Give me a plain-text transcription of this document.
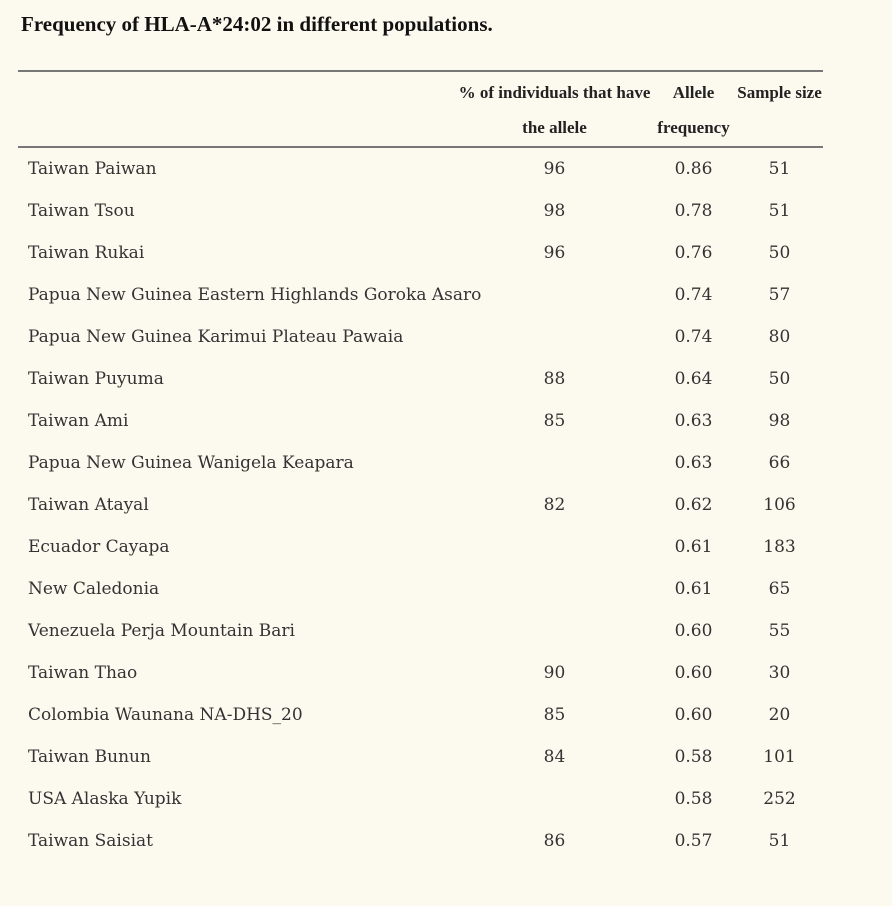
Frequency of HLA-A*24:02 in different populations.
	% of individuals that have the allele	Allele frequency	Sample size
Taiwan Paiwan	96	0.86	51
Taiwan Tsou	98	0.78	51
Taiwan Rukai	96	0.76	50
Papua New Guinea Eastern Highlands Goroka Asaro		0.74	57
Papua New Guinea Karimui Plateau Pawaia		0.74	80
Taiwan Puyuma	88	0.64	50
Taiwan Ami	85	0.63	98
Papua New Guinea Wanigela Keapara		0.63	66
Taiwan Atayal	82	0.62	106
Ecuador Cayapa		0.61	183
New Caledonia		0.61	65
Venezuela Perja Mountain Bari		0.60	55
Taiwan Thao	90	0.60	30
Colombia Waunana NA-DHS_20	85	0.60	20
Taiwan Bunun	84	0.58	101
USA Alaska Yupik		0.58	252
Taiwan Saisiat	86	0.57	51
